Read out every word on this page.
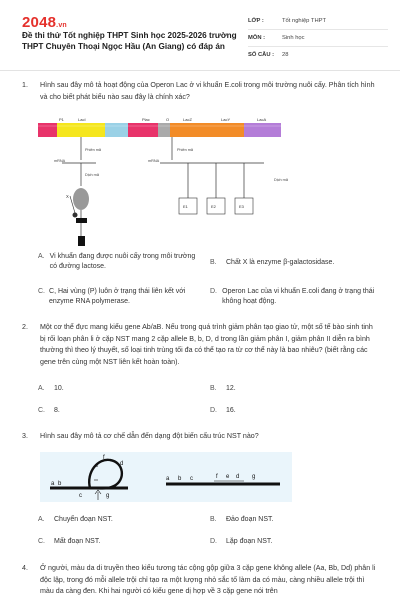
2048.vn
Đề thi thử Tốt nghiệp THPT Sinh học 2025-2026 trường THPT Chuyên Thoại Ngọc Hầu (An Giang) có đáp án
LỚP :	Tốt nghiệp THPT
MÔN :	Sinh học
SỐ CÂU :	28
1. Hình sau đây mô tả hoạt động của Operon Lac ở vi khuẩn E.coli trong môi trường nuôi cấy. Phân tích hình và cho biết phát biểu nào sau đây là chính xác?
P1	LacI	Plac	O	LacZ	LacY	LacA
Phiên mã
mRNA
Dịch mã
X
Phiên mã
mRNA
Dịch mã
E1	E2	E3
A. Vi khuẩn đang được nuôi cấy trong môi trường có đường lactose.
B.	Chất X là enzyme β-galactosidase.
C. C, Hai vùng (P) luôn ở trạng thái liên kết với enzyme RNA polymerase.
D. Operon Lac của vi khuẩn E.coli đang ở trạng thái không hoạt động.
2. Một cơ thể đực mang kiểu gene Ab/aB. Nếu trong quá trình giảm phân tạo giao tử, một số tế bào sinh tinh bị rối loạn phân li ở cặp NST mang 2 cặp allele B, b, D, d trong lần giảm phân I, giảm phân II diễn ra bình thường thì theo lý thuyết, số loại tinh trùng tối đa có thể tạo ra từ cơ thể này là bao nhiêu? (biết rằng các gene trên cùng một NST liên kết hoàn toàn).
A.	10.	B.	12.
C.	8.	D.	16.
3. Hình sau đây mô tả cơ chế dẫn đến dạng đột biến cấu trúc NST nào?
a b
c
f
g
e	d
a b c	f e d g
A.	Chuyển đoạn NST.	B.	Đảo đoạn NST.
C.	Mất đoạn NST.	D.	Lặp đoạn NST.
4. Ở người, màu da di truyền theo kiểu tương tác cộng gộp giữa 3 cặp gene không allele (Aa, Bb, Dd) phân li độc lập, trong đó mỗi allele trội chỉ tạo ra một lượng nhỏ sắc tố làm da có màu, càng nhiều allele trội thì màu da càng đen. Khi hai người có kiểu gene dị hợp về 3 cặp gene nói trên
